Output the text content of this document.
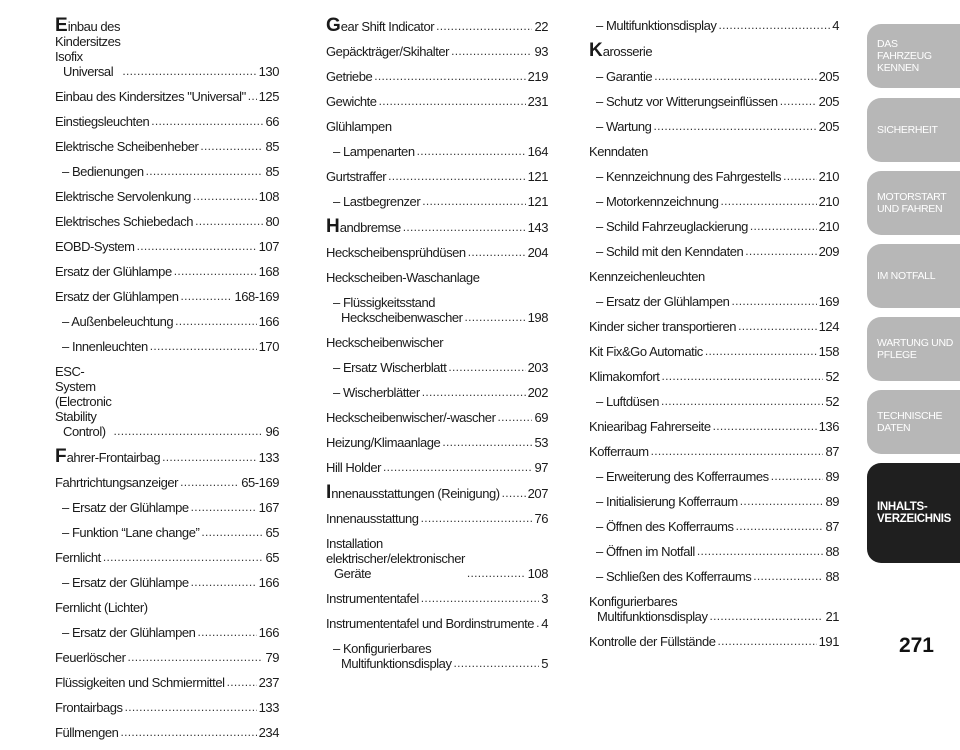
Einbau des Kindersitzes Isofix
Universal .....	130
Einbau des Kindersitzes "Universal" ..... 125
Einstiegsleuchten .....	66
Elektrische Scheibenheber .....	85
– Bedienungen .....	85
Elektrische Servolenkung .....	108
Elektrisches Schiebedach .....	80
EOBD-System .....	107
Ersatz der Glühlampe .....	168
Ersatz der Glühlampen .....	168-169
– Außenbeleuchtung .....	166
– Innenleuchten .....	170
ESC-System (Electronic Stability
Control) .....	96
Fahrer-Frontairbag .....	133
Fahrtrichtungsanzeiger .....	65-169
– Ersatz der Glühlampe .....	167
– Funktion “Lane change” .....	65
Fernlicht .....	65
– Ersatz der Glühlampe .....	166
Fernlicht (Lichter)
– Ersatz der Glühlampen .....	166
Feuerlöscher .....	79
Flüssigkeiten und Schmiermittel .....	237
Frontairbags .....	133
Füllmengen .....	234
Gear Shift Indicator .....	22
Gepäckträger/Skihalter .....	93
Getriebe .....	219
Gewichte .....	231
Glühlampen
– Lampenarten .....	164
Gurtstraffer .....	121
– Lastbegrenzer .....	121
Handbremse .....	143
Heckscheibensprühdüsen .....	204
Heckscheiben-Waschanlage
– Flüssigkeitsstand
Heckscheibenwascher .....	198
Heckscheibenwischer
– Ersatz Wischerblatt .....	203
– Wischerblätter .....	202
Heckscheibenwischer/-wascher .....	69
Heizung/Klimaanlage .....	53
Hill Holder .....	97
Innenausstattungen (Reinigung) ..... 207
Innenausstattung .....	76
Installation elektrischer/elektronischer
Geräte .....	108
Instrumententafel .....	3
Instrumententafel und Bordinstrumente ..... 4
– Konfigurierbares
Multifunktionsdisplay .....	5
– Multifunktionsdisplay .....	4
Karosserie
– Garantie .....	205
– Schutz vor Witterungseinflüssen .....	205
– Wartung .....	205
Kenndaten
– Kennzeichnung des Fahrgestells .....	210
– Motorkennzeichnung .....	210
– Schild Fahrzeuglackierung .....	210
– Schild mit den Kenndaten .....	209
Kennzeichenleuchten
– Ersatz der Glühlampen .....	169
Kinder sicher transportieren .....	124
Kit Fix&Go Automatic .....	158
Klimakomfort .....	52
– Luftdüsen .....	52
Kniearibag Fahrerseite .....	136
Kofferraum .....	87
– Erweiterung des Kofferraumes .....	89
– Initialisierung Kofferraum .....	89
– Öffnen des Kofferraums .....	87
– Öffnen im Notfall .....	88
– Schließen des Kofferraums .....	88
Konfigurierbares
Multifunktionsdisplay .....	21
Kontrolle der Füllstände .....	191
DAS FAHRZEUG KENNEN
SICHERHEIT
MOTORSTART UND FAHREN
IM NOTFALL
WARTUNG UND PFLEGE
TECHNISCHE DATEN
INHALTS- VERZEICHNIS
271
